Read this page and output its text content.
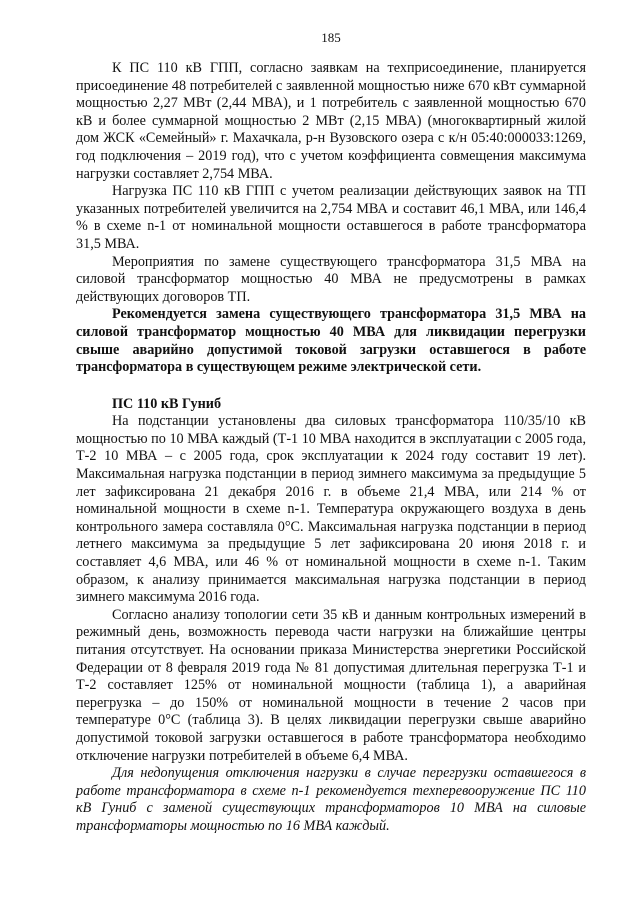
185

К ПС 110 кВ ГПП, согласно заявкам на техприсоединение, планируется присоединение 48 потребителей с заявленной мощностью ниже 670 кВт суммарной мощностью 2,27 МВт (2,44 МВА), и 1 потребитель с заявленной мощностью 670 кВ и более суммарной мощностью 2 МВт (2,15 МВА) (многоквартирный жилой дом ЖСК «Семейный» г. Махачкала, р-н Вузовского озера с к/н 05:40:000033:1269, год подключения – 2019 год), что с учетом коэффициента совмещения максимума нагрузки составляет 2,754 МВА.

Нагрузка ПС 110 кВ ГПП с учетом реализации действующих заявок на ТП указанных потребителей увеличится на 2,754 МВА и составит 46,1 МВА, или 146,4 % в схеме n-1 от номинальной мощности оставшегося в работе трансформатора 31,5 МВА.

Мероприятия по замене существующего трансформатора 31,5 МВА на силовой трансформатор мощностью 40 МВА не предусмотрены в рамках действующих договоров ТП.

Рекомендуется замена существующего трансформатора 31,5 МВА на силовой трансформатор мощностью 40 МВА для ликвидации перегрузки свыше аварийно допустимой токовой загрузки оставшегося в работе трансформатора в существующем режиме электрической сети.

ПС 110 кВ Гуниб

На подстанции установлены два силовых трансформатора 110/35/10 кВ мощностью по 10 МВА каждый (Т-1 10 МВА находится в эксплуатации с 2005 года, Т-2 10 МВА – с 2005 года, срок эксплуатации к 2024 году составит 19 лет). Максимальная нагрузка подстанции в период зимнего максимума за предыдущие 5 лет зафиксирована 21 декабря 2016 г. в объеме 21,4 МВА, или 214 % от номинальной мощности в схеме n-1. Температура окружающего воздуха в день контрольного замера составляла 0°С. Максимальная нагрузка подстанции в период летнего максимума за предыдущие 5 лет зафиксирована 20 июня 2018 г. и составляет 4,6 МВА, или 46 % от номинальной мощности в схеме n-1. Таким образом, к анализу принимается максимальная нагрузка подстанции в период зимнего максимума 2016 года.

Согласно анализу топологии сети 35 кВ и данным контрольных измерений в режимный день, возможность перевода части нагрузки на ближайшие центры питания отсутствует. На основании приказа Министерства энергетики Российской Федерации от 8 февраля 2019 года № 81 допустимая длительная перегрузка Т-1 и Т-2 составляет 125% от номинальной мощности (таблица 1), а аварийная перегрузка – до 150% от номинальной мощности в течение 2 часов при температуре 0°С (таблица 3). В целях ликвидации перегрузки свыше аварийно допустимой токовой загрузки оставшегося в работе трансформатора необходимо отключение нагрузки потребителей в объеме 6,4 МВА.

Для недопущения отключения нагрузки в случае перегрузки оставшегося в работе трансформатора в схеме n-1 рекомендуется техперевооружение ПС 110 кВ Гуниб с заменой существующих трансформаторов 10 МВА на силовые трансформаторы мощностью по 16 МВА каждый.
